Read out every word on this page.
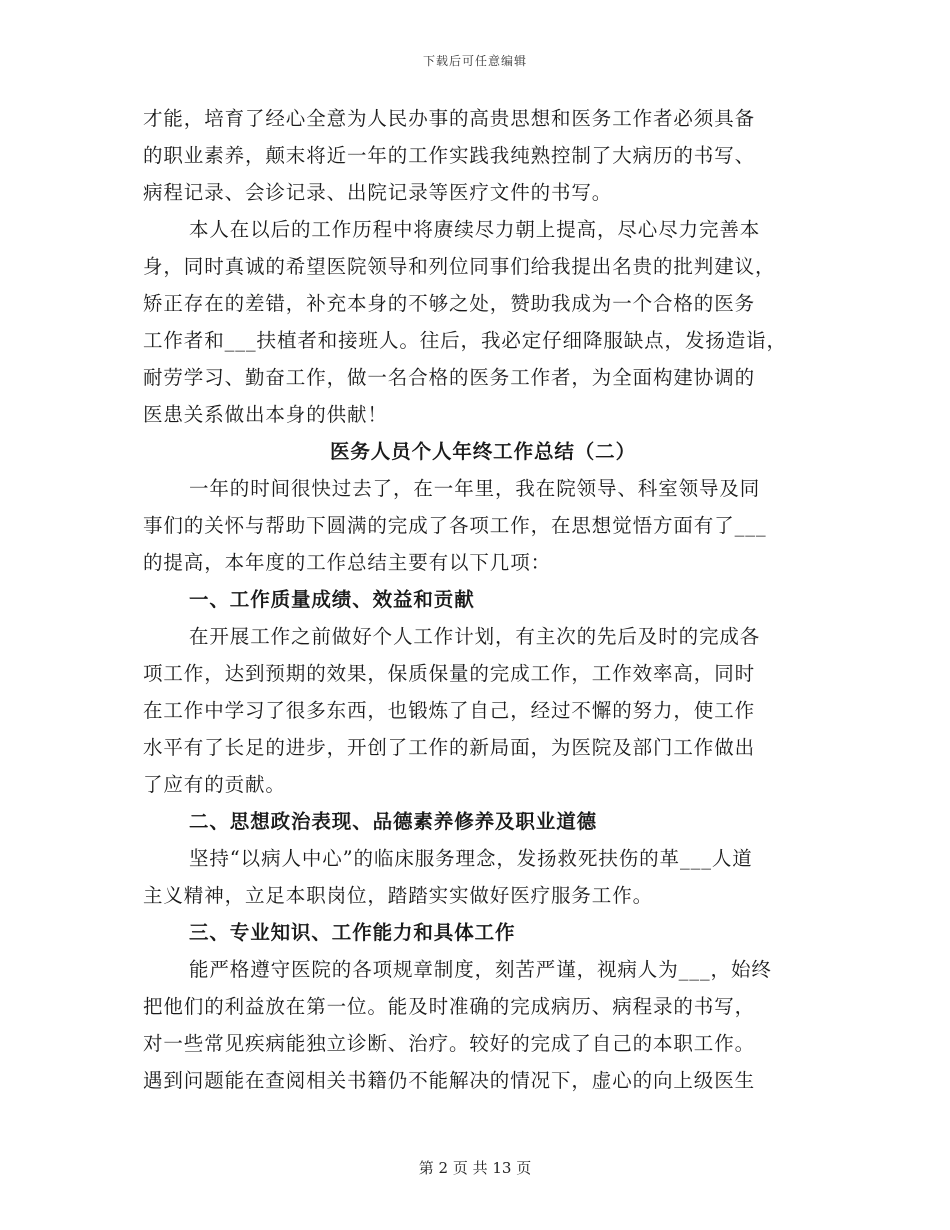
下载后可任意编辑
才能，培育了经心全意为人民办事的高贵思想和医务工作者必须具备
的职业素养，颠末将近一年的工作实践我纯熟控制了大病历的书写、
病程记录、会诊记录、出院记录等医疗文件的书写。
本人在以后的工作历程中将赓续尽力朝上提高，尽心尽力完善本
身，同时真诚的希望医院领导和列位同事们给我提出名贵的批判建议，
矫正存在的差错，补充本身的不够之处，赞助我成为一个合格的医务
工作者和___扶植者和接班人。往后，我必定仔细降服缺点，发扬造诣，
耐劳学习、勤奋工作，做一名合格的医务工作者，为全面构建协调的
医患关系做出本身的供献！
医务人员个人年终工作总结（二）
一年的时间很快过去了，在一年里，我在院领导、科室领导及同
事们的关怀与帮助下圆满的完成了各项工作，在思想觉悟方面有了___
的提高，本年度的工作总结主要有以下几项：
一、工作质量成绩、效益和贡献
在开展工作之前做好个人工作计划，有主次的先后及时的完成各
项工作，达到预期的效果，保质保量的完成工作，工作效率高，同时
在工作中学习了很多东西，也锻炼了自己，经过不懈的努力，使工作
水平有了长足的进步，开创了工作的新局面，为医院及部门工作做出
了应有的贡献。
二、思想政治表现、品德素养修养及职业道德
坚持“以病人中心”的临床服务理念，发扬救死扶伤的革___人道
主义精神，立足本职岗位，踏踏实实做好医疗服务工作。
三、专业知识、工作能力和具体工作
能严格遵守医院的各项规章制度，刻苦严谨，视病人为___，始终
把他们的利益放在第一位。能及时准确的完成病历、病程录的书写，
对一些常见疾病能独立诊断、治疗。较好的完成了自己的本职工作。
遇到问题能在查阅相关书籍仍不能解决的情况下，虚心的向上级医生
第 2 页 共 13 页
